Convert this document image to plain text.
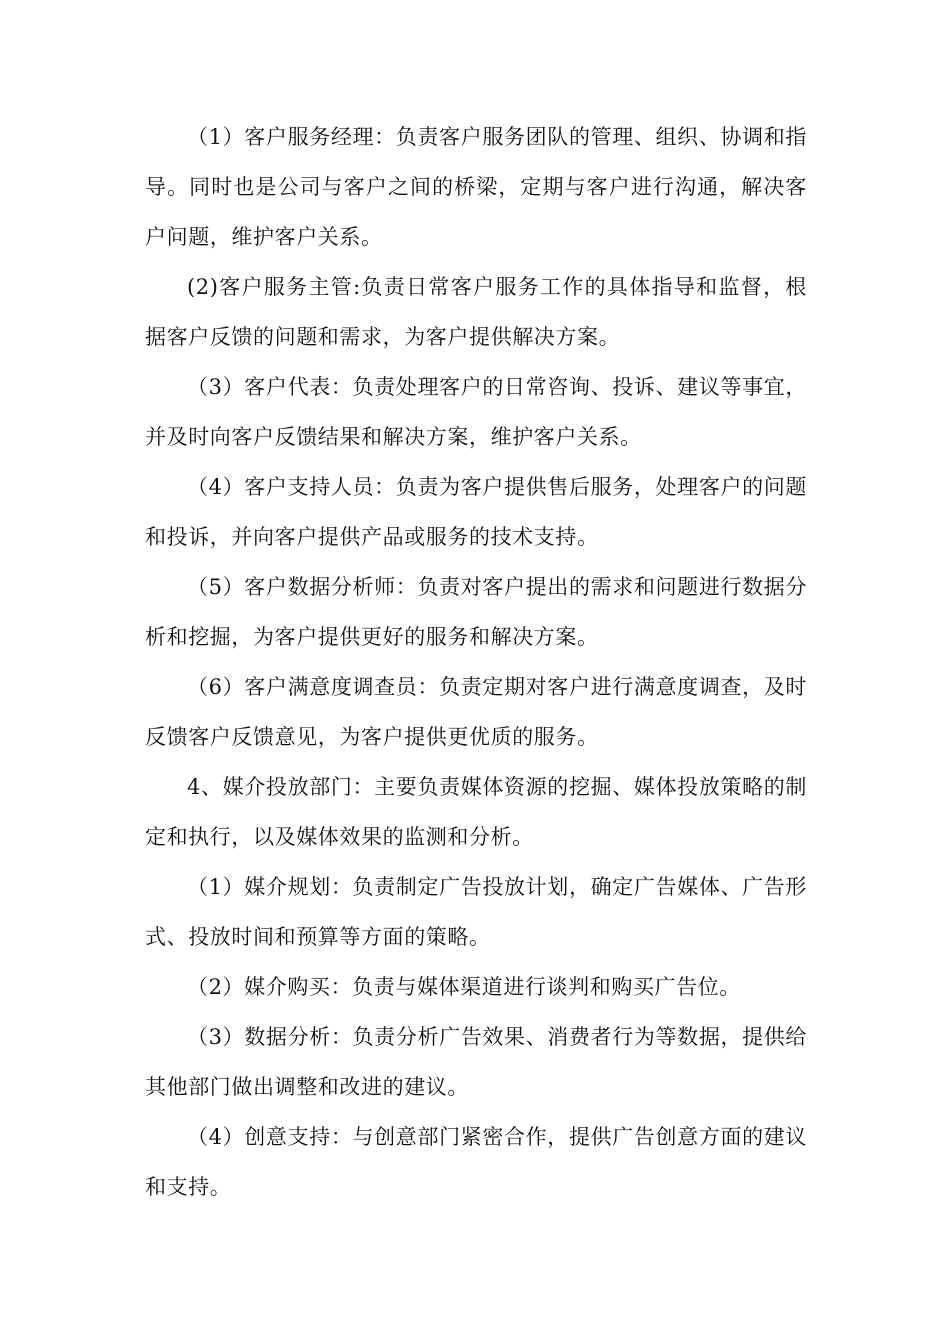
（1）客户服务经理：负责客户服务团队的管理、组织、协调和指导。同时也是公司与客户之间的桥梁，定期与客户进行沟通，解决客户问题，维护客户关系。

(2)客户服务主管:负责日常客户服务工作的具体指导和监督，根据客户反馈的问题和需求，为客户提供解决方案。

（3）客户代表：负责处理客户的日常咨询、投诉、建议等事宜，并及时向客户反馈结果和解决方案，维护客户关系。

（4）客户支持人员：负责为客户提供售后服务，处理客户的问题和投诉，并向客户提供产品或服务的技术支持。

（5）客户数据分析师：负责对客户提出的需求和问题进行数据分析和挖掘，为客户提供更好的服务和解决方案。

（6）客户满意度调查员：负责定期对客户进行满意度调查，及时反馈客户反馈意见，为客户提供更优质的服务。

4、媒介投放部门：主要负责媒体资源的挖掘、媒体投放策略的制定和执行，以及媒体效果的监测和分析。

（1）媒介规划：负责制定广告投放计划，确定广告媒体、广告形式、投放时间和预算等方面的策略。

（2）媒介购买：负责与媒体渠道进行谈判和购买广告位。

（3）数据分析：负责分析广告效果、消费者行为等数据，提供给其他部门做出调整和改进的建议。

（4）创意支持：与创意部门紧密合作，提供广告创意方面的建议和支持。
